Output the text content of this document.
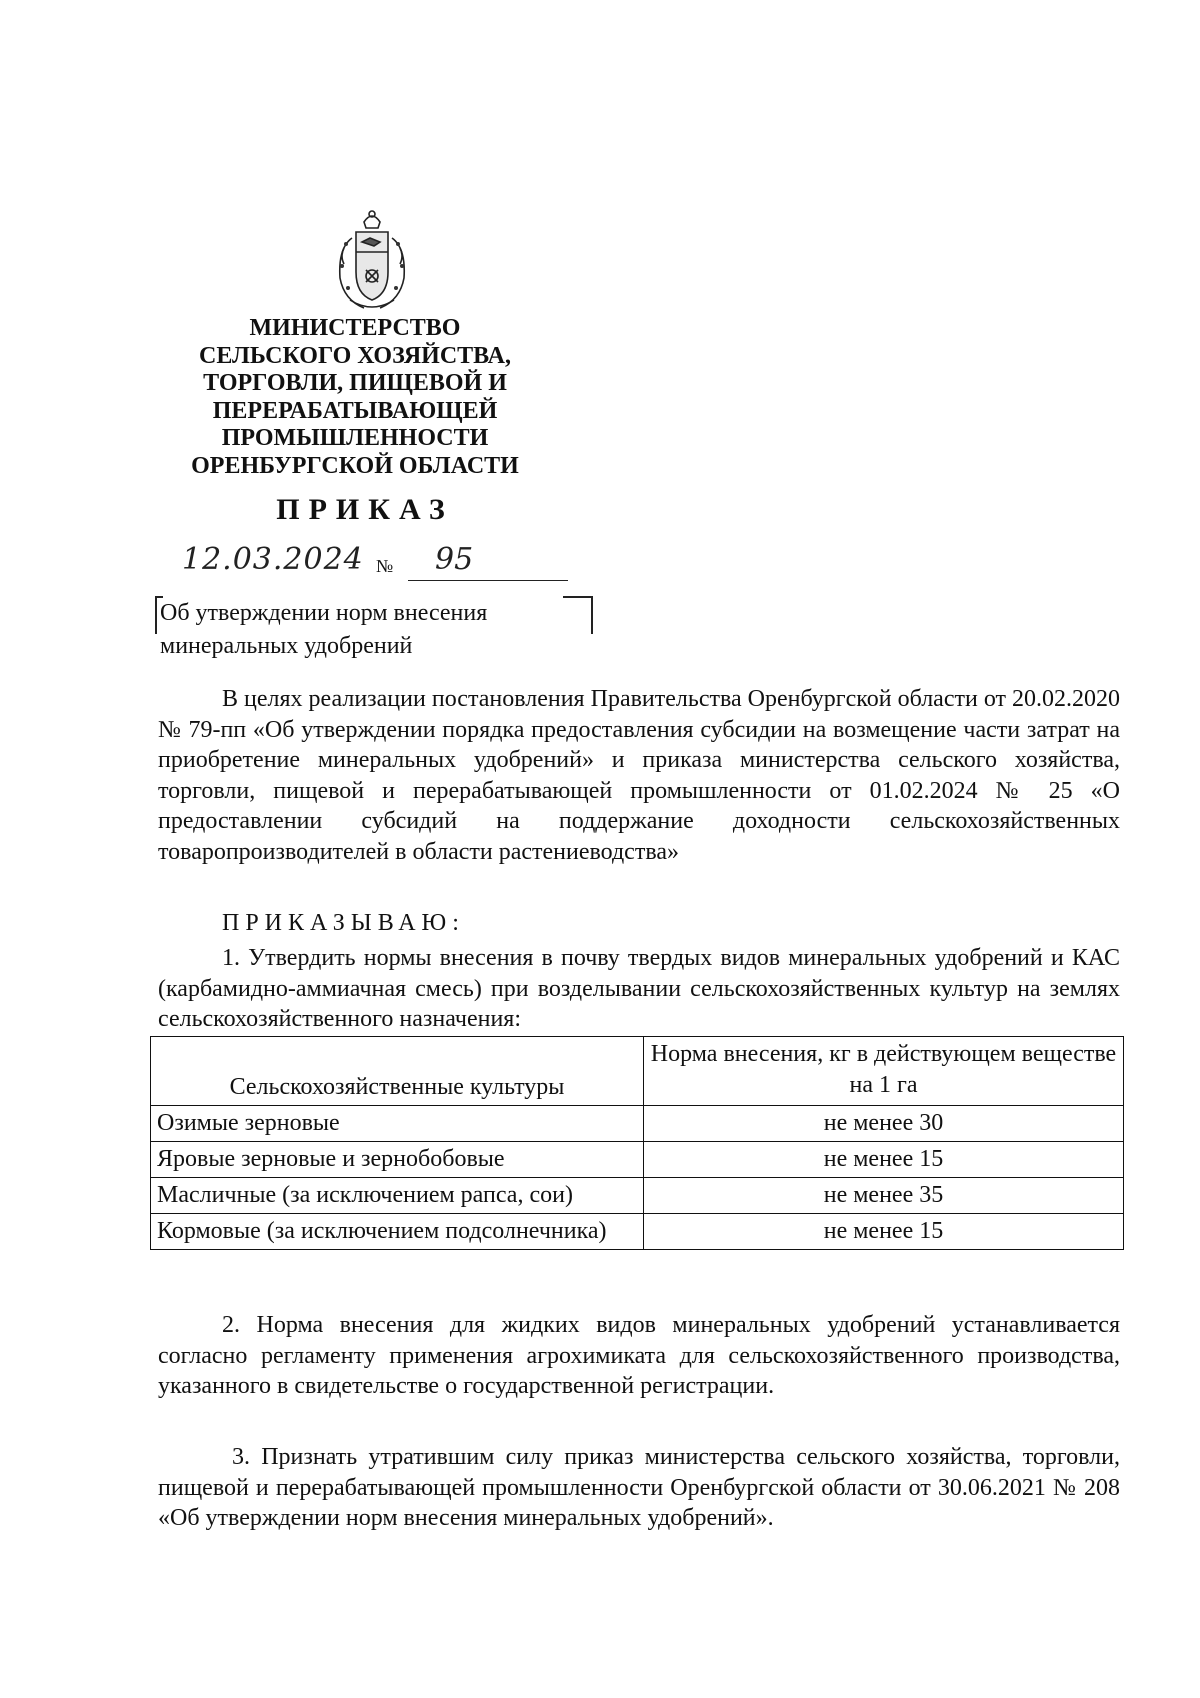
МИНИСТЕРСТВО
СЕЛЬСКОГО ХОЗЯЙСТВА,
ТОРГОВЛИ, ПИЩЕВОЙ И
ПЕРЕРАБАТЫВАЮЩЕЙ
ПРОМЫШЛЕННОСТИ
ОРЕНБУРГСКОЙ ОБЛАСТИ
ПРИКАЗ
12.03.2024 № 95
Об утверждении норм внесения
минеральных удобрений
В целях реализации постановления Правительства Оренбургской области от 20.02.2020 № 79-пп «Об утверждении порядка предоставления субсидии на возмещение части затрат на приобретение минеральных удобрений» и приказа министерства сельского хозяйства, торговли, пищевой и перерабатывающей промышленности от 01.02.2024 № 25 «О предоставлении субсидий на поддержание доходности сельскохозяйственных товаропроизводителей в области растениеводства»
ПРИКАЗЫВАЮ:
1. Утвердить нормы внесения в почву твердых видов минеральных удобрений и КАС (карбамидно-аммиачная смесь) при возделывании сельскохозяйственных культур на землях сельскохозяйственного назначения:
Сельскохозяйственные культуры	Норма внесения, кг в действующем веществе на 1 га
Озимые зерновые	не менее 30
Яровые зерновые и зернобобовые	не менее 15
Масличные (за исключением рапса, сои)	не менее 35
Кормовые (за исключением подсолнечника)	не менее 15
2. Норма внесения для жидких видов минеральных удобрений устанавливается согласно регламенту применения агрохимиката для сельскохозяйственного производства, указанного в свидетельстве о государственной регистрации.
3. Признать утратившим силу приказ министерства сельского хозяйства, торговли, пищевой и перерабатывающей промышленности Оренбургской области от 30.06.2021 № 208 «Об утверждении норм внесения минеральных удобрений».
